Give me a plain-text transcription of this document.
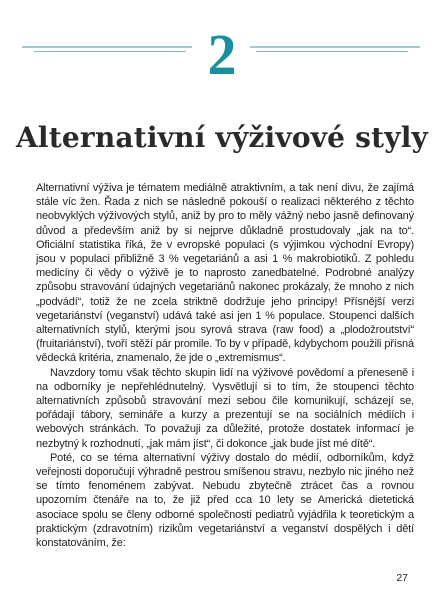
2
Alternativní výživové styly

Alternativní výživa je tématem mediálně atraktivním, a tak není divu, že zajímá stále víc žen. Řada z nich se následně pokouší o realizaci některého z těchto neobvyklých výživových stylů, aniž by pro to měly vážný nebo jasně definovaný důvod a především aniž by si nejprve důkladně prostudovaly „jak na to“. Oficiální statistika říká, že v evropské populaci (s výjimkou východní Evropy) jsou v populaci přibližně 3 % vegetariánů a asi 1 % makrobiotiků. Z pohledu medicíny či vědy o výživě je to naprosto zanedbatelné. Podrobné analýzy způsobu stravování údajných vegetariánů nakonec prokázaly, že mnoho z nich „podvádí“, totiž že ne zcela striktně dodržuje jeho principy! Přísnější verzi vegetariánství (veganství) udává také asi jen 1 % populace. Stoupenci dalších alternativních stylů, kterými jsou syrová strava (raw food) a „plodožroutství“ (fruitariánství), tvoří stěží pár promile. To by v případě, kdybychom použili přísná vědecká kritéria, znamenalo, že jde o „extremismus“.

Navzdory tomu však těchto skupin lidí na výživové povědomí a přeneseně i na odborníky je nepřehlédnutelný. Vysvětlují si to tím, že stoupenci těchto alternativních způsobů stravování mezi sebou čile komunikují, scházejí se, pořádají tábory, semináře a kurzy a prezentují se na sociálních médiích i webových stránkách. To považuji za důležité, protože dostatek informací je nezbytný k rozhodnutí, „jak mám jíst“, či dokonce „jak bude jíst mé dítě“.

Poté, co se téma alternativní výživy dostalo do médií, odborníkům, když veřejnosti doporučují výhradně pestrou smíšenou stravu, nezbylo nic jiného než se tímto fenoménem zabývat. Nebudu zbytečně ztrácet čas a rovnou upozorním čtenáře na to, že již před cca 10 lety se Americká dietetická asociace spolu se členy odborné společnosti pediatrů vyjádřila k teoretickým a praktickým (zdravotním) rizikům vegetariánství a veganství dospělých i dětí konstatováním, že:

27
